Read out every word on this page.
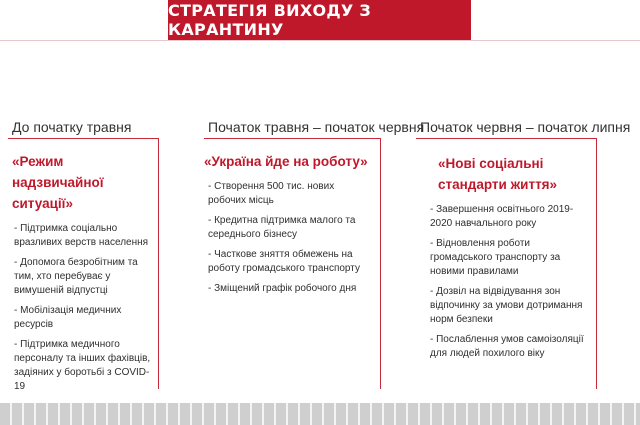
СТРАТЕГІЯ ВИХОДУ З КАРАНТИНУ
До початку травня
«Режим надзвичайної ситуації»
- Підтримка соціально вразливих верств населення
- Допомога безробітним та тим, хто перебуває у вимушеній відпустці
- Мобілізація медичних ресурсів
- Підтримка медичного персоналу та інших фахівців, задіяних у боротьбі з COVID-19
Початок травня – початок червня
«Україна йде на роботу»
- Створення 500 тис. нових робочих місць
- Кредитна підтримка малого та середнього бізнесу
- Часткове зняття обмежень на роботу громадського транспорту
- Зміщений графік робочого дня
Початок червня – початок липня
«Нові соціальні стандарти життя»
- Завершення освітнього 2019-2020 навчального року
- Відновлення роботи громадського транспорту за новими правилами
- Дозвіл на відвідування зон відпочинку за умови дотримання норм безпеки
- Послаблення умов самоізоляції для людей похилого віку
